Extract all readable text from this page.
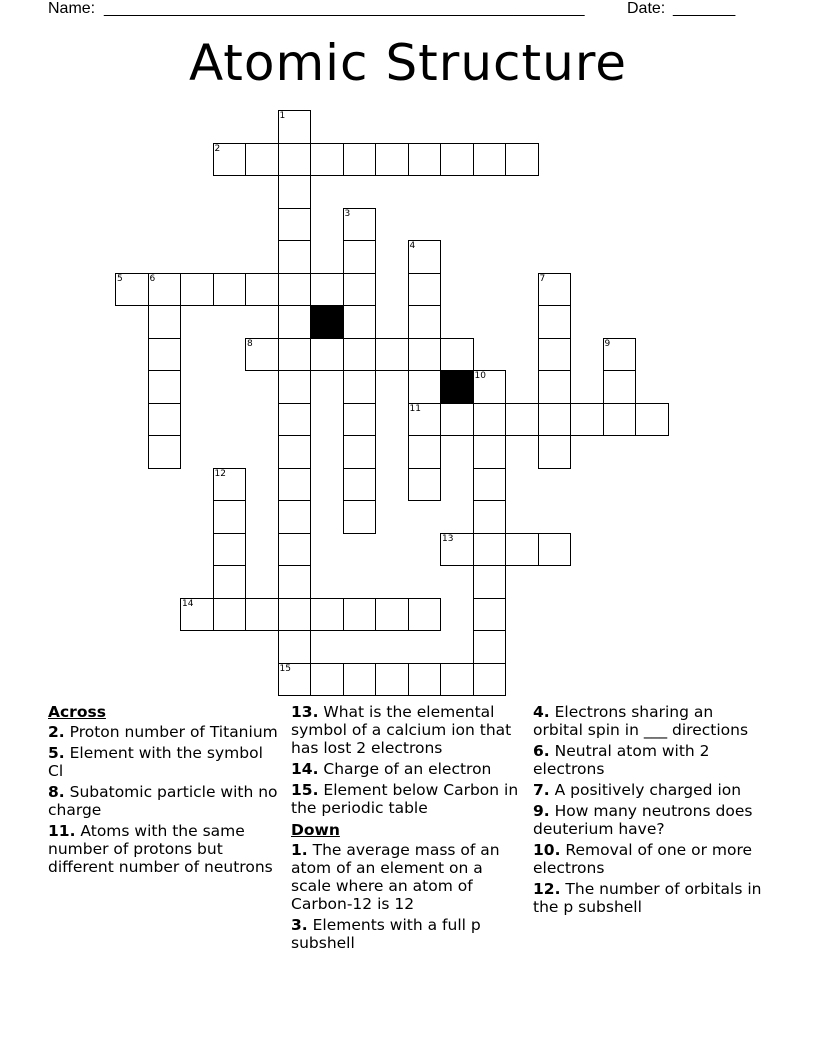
Name: ______________________________________________________	Date: _______
Atomic Structure
1
2
3
4
5	6	7
8	9
10
11
12
13
14
15
Across
2. Proton number of Titanium
5. Element with the symbol Cl
8. Subatomic particle with no charge
11. Atoms with the same number of protons but different number of neutrons
13. What is the elemental symbol of a calcium ion that has lost 2 electrons
14. Charge of an electron
15. Element below Carbon in the periodic table
Down
1. The average mass of an atom of an element on a scale where an atom of Carbon-12 is 12
3. Elements with a full p subshell
4. Electrons sharing an orbital spin in ___ directions
6. Neutral atom with 2 electrons
7. A positively charged ion
9. How many neutrons does deuterium have?
10. Removal of one or more electrons
12. The number of orbitals in the p subshell
